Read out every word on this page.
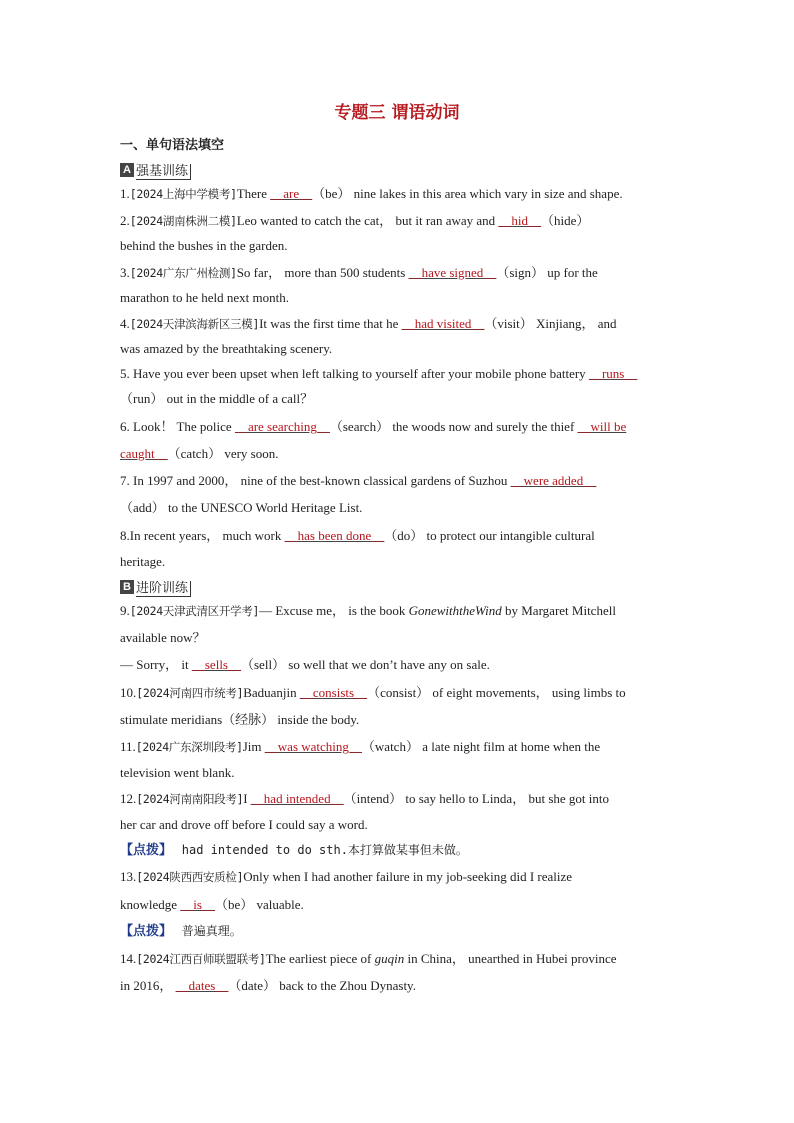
专题三 谓语动词
一、单句语法填空
A 强基训练
1.[2024上海中学模考]There __are__（be） nine lakes in this area which vary in size and shape.
2.[2024湖南株洲二模]Leo wanted to catch the cat， but it ran away and __hid__（hide）
behind the bushes in the garden.
3.[2024广东广州检测]So far， more than 500 students __have signed__（sign） up for the
marathon to he held next month.
4.[2024天津滨海新区三模]It was the first time that he __had visited__（visit） Xinjiang， and
was amazed by the breathtaking scenery.
5. Have you ever been upset when left talking to yourself after your mobile phone battery __runs__
（run） out in the middle of a call？
6. Look！ The police __are searching__（search） the woods now and surely the thief __will be
caught__（catch） very soon.
7. In 1997 and 2000， nine of the best-known classical gardens of Suzhou __were added__
（add） to the UNESCO World Heritage List.
8.In recent years， much work __has been done__（do） to protect our intangible cultural
heritage.
B 进阶训练
9.[2024天津武清区开学考]— Excuse me， is the book GonewiththeWind by Margaret Mitchell
available now？
— Sorry， it __sells__（sell） so well that we don’t have any on sale.
10.[2024河南四市统考]Baduanjin __consists__（consist） of eight movements， using limbs to
stimulate meridians（经脉） inside the body.
11.[2024广东深圳段考]Jim __was watching__（watch） a late night film at home when the
television went blank.
12.[2024河南南阳段考]I __had intended__（intend） to say hello to Linda， but she got into
her car and drove off before I could say a word.
【点拨】 had intended to do sth.本打算做某事但未做。
13.[2024陕西西安质检]Only when I had another failure in my job-seeking did I realize
knowledge __is__（be） valuable.
【点拨】 普遍真理。
14.[2024江西百师联盟联考]The earliest piece of guqin in China， unearthed in Hubei province
in 2016， __dates__（date） back to the Zhou Dynasty.
